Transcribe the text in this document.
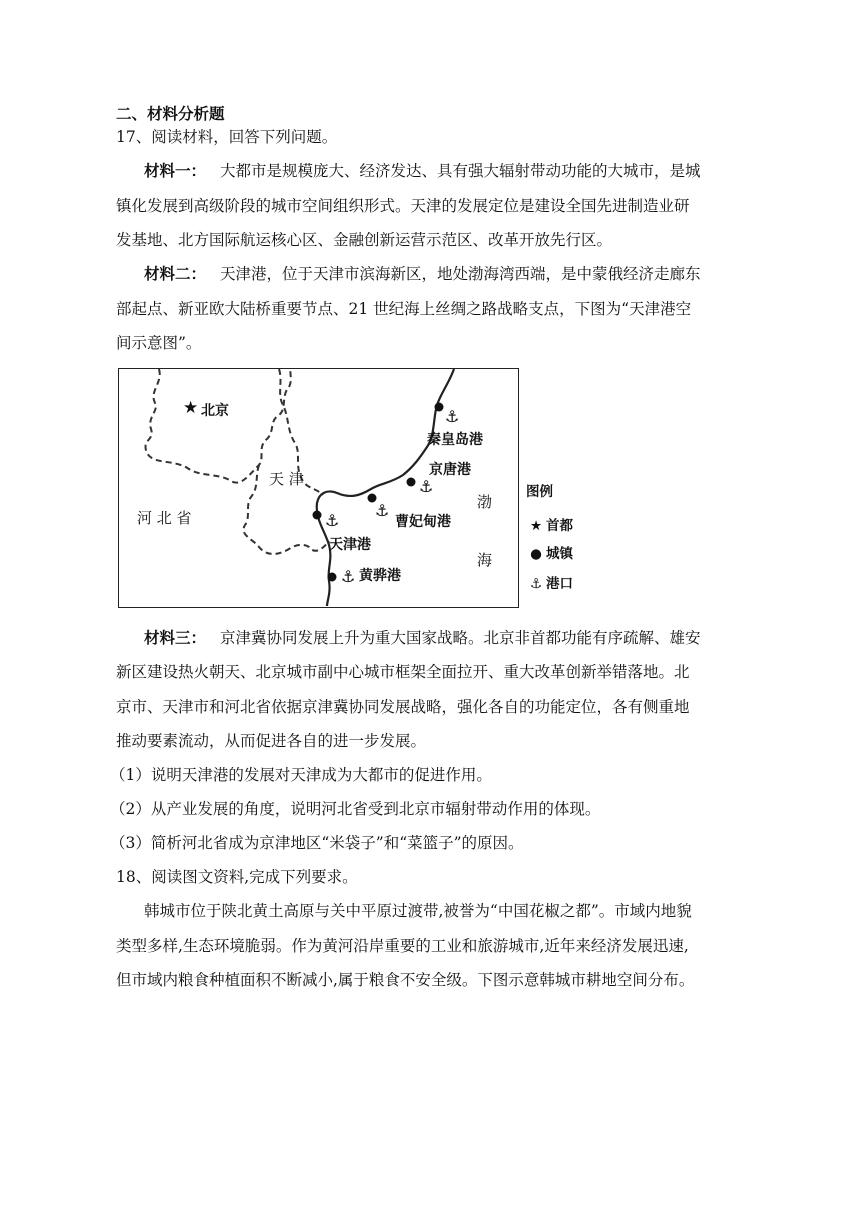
二、材料分析题
17、阅读材料，回答下列问题。
材料一： 大都市是规模庞大、经济发达、具有强大辐射带动功能的大城市，是城
镇化发展到高级阶段的城市空间组织形式。天津的发展定位是建设全国先进制造业研
发基地、北方国际航运核心区、金融创新运营示范区、改革开放先行区。
材料二： 天津港，位于天津市滨海新区，地处渤海湾西端，是中蒙俄经济走廊东
部起点、新亚欧大陆桥重要节点、21 世纪海上丝绸之路战略支点，下图为“天津港空
间示意图”。
⚓
⚓
⚓
⚓
⚓
★ 北京
秦皇岛港
京唐港
曹妃甸港
天津港
黄骅港
天 津
河 北 省
渤
海
图例
★ 首都
● 城镇
⚓ 港口
材料三： 京津冀协同发展上升为重大国家战略。北京非首都功能有序疏解、雄安
新区建设热火朝天、北京城市副中心城市框架全面拉开、重大改革创新举错落地。北
京市、天津市和河北省依据京津冀协同发展战略，强化各自的功能定位，各有侧重地
推动要素流动，从而促进各自的进一步发展。
（1）说明天津港的发展对天津成为大都市的促进作用。
（2）从产业发展的角度，说明河北省受到北京市辐射带动作用的体现。
（3）简析河北省成为京津地区“米袋子”和“菜篮子”的原因。
18、阅读图文资料,完成下列要求。
韩城市位于陕北黄土高原与关中平原过渡带,被誉为“中国花椒之都”。市域内地貌
类型多样,生态环境脆弱。作为黄河沿岸重要的工业和旅游城市,近年来经济发展迅速,
但市域内粮食种植面积不断减小,属于粮食不安全级。下图示意韩城市耕地空间分布。
